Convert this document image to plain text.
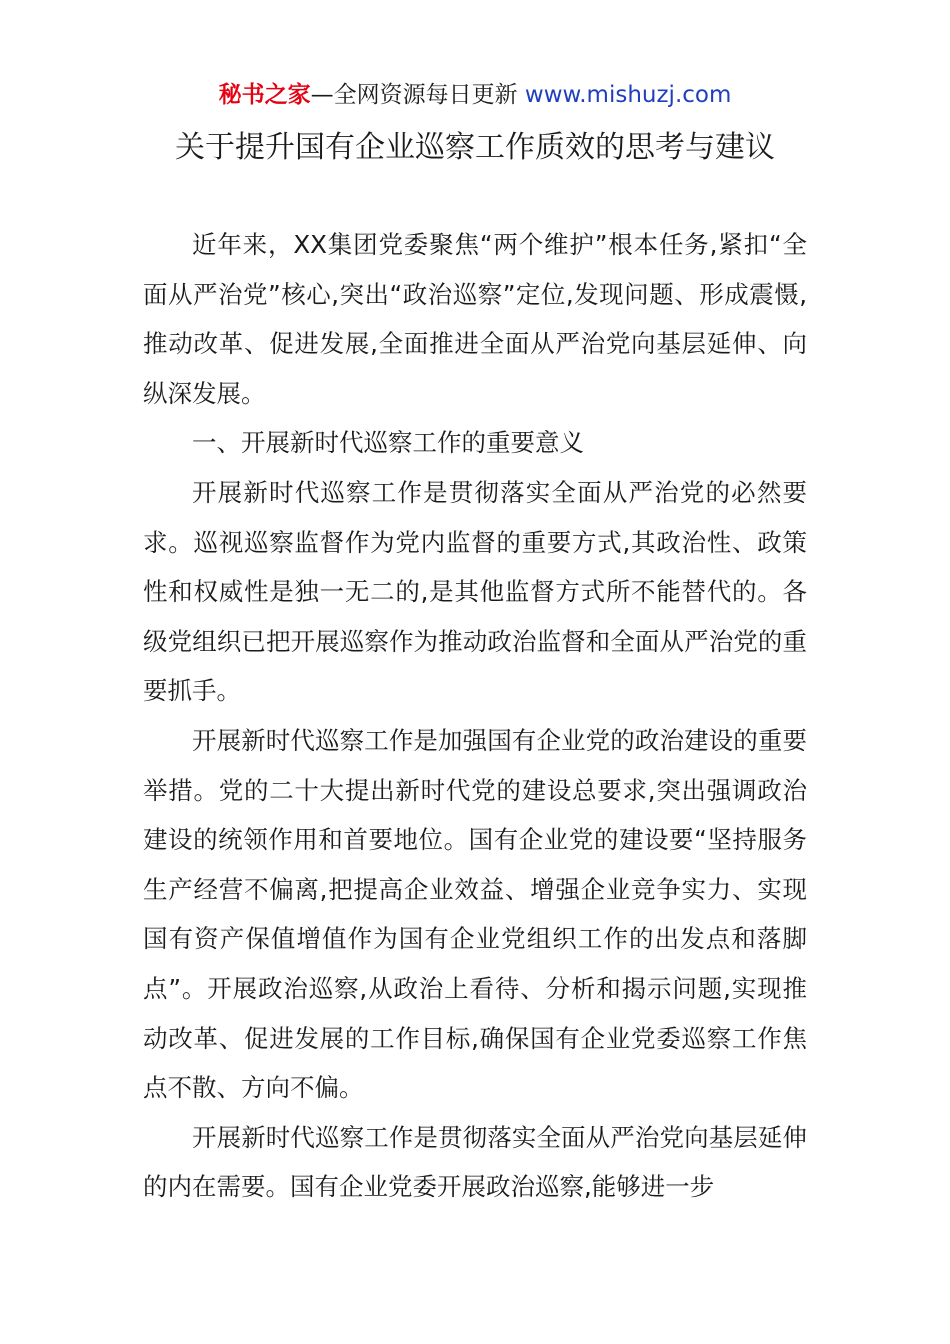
秘书之家—全网资源每日更新 www.mishuzj.com
关于提升国有企业巡察工作质效的思考与建议

近年来，XX集团党委聚焦“两个维护”根本任务,紧扣“全面从严治党”核心,突出“政治巡察”定位,发现问题、形成震慑,推动改革、促进发展,全面推进全面从严治党向基层延伸、向纵深发展。

一、开展新时代巡察工作的重要意义

开展新时代巡察工作是贯彻落实全面从严治党的必然要求。巡视巡察监督作为党内监督的重要方式,其政治性、政策性和权威性是独一无二的,是其他监督方式所不能替代的。各级党组织已把开展巡察作为推动政治监督和全面从严治党的重要抓手。

开展新时代巡察工作是加强国有企业党的政治建设的重要举措。党的二十大提出新时代党的建设总要求,突出强调政治建设的统领作用和首要地位。国有企业党的建设要“坚持服务生产经营不偏离,把提高企业效益、增强企业竞争实力、实现国有资产保值增值作为国有企业党组织工作的出发点和落脚点”。开展政治巡察,从政治上看待、分析和揭示问题,实现推动改革、促进发展的工作目标,确保国有企业党委巡察工作焦点不散、方向不偏。

开展新时代巡察工作是贯彻落实全面从严治党向基层延伸的内在需要。国有企业党委开展政治巡察,能够进一步
